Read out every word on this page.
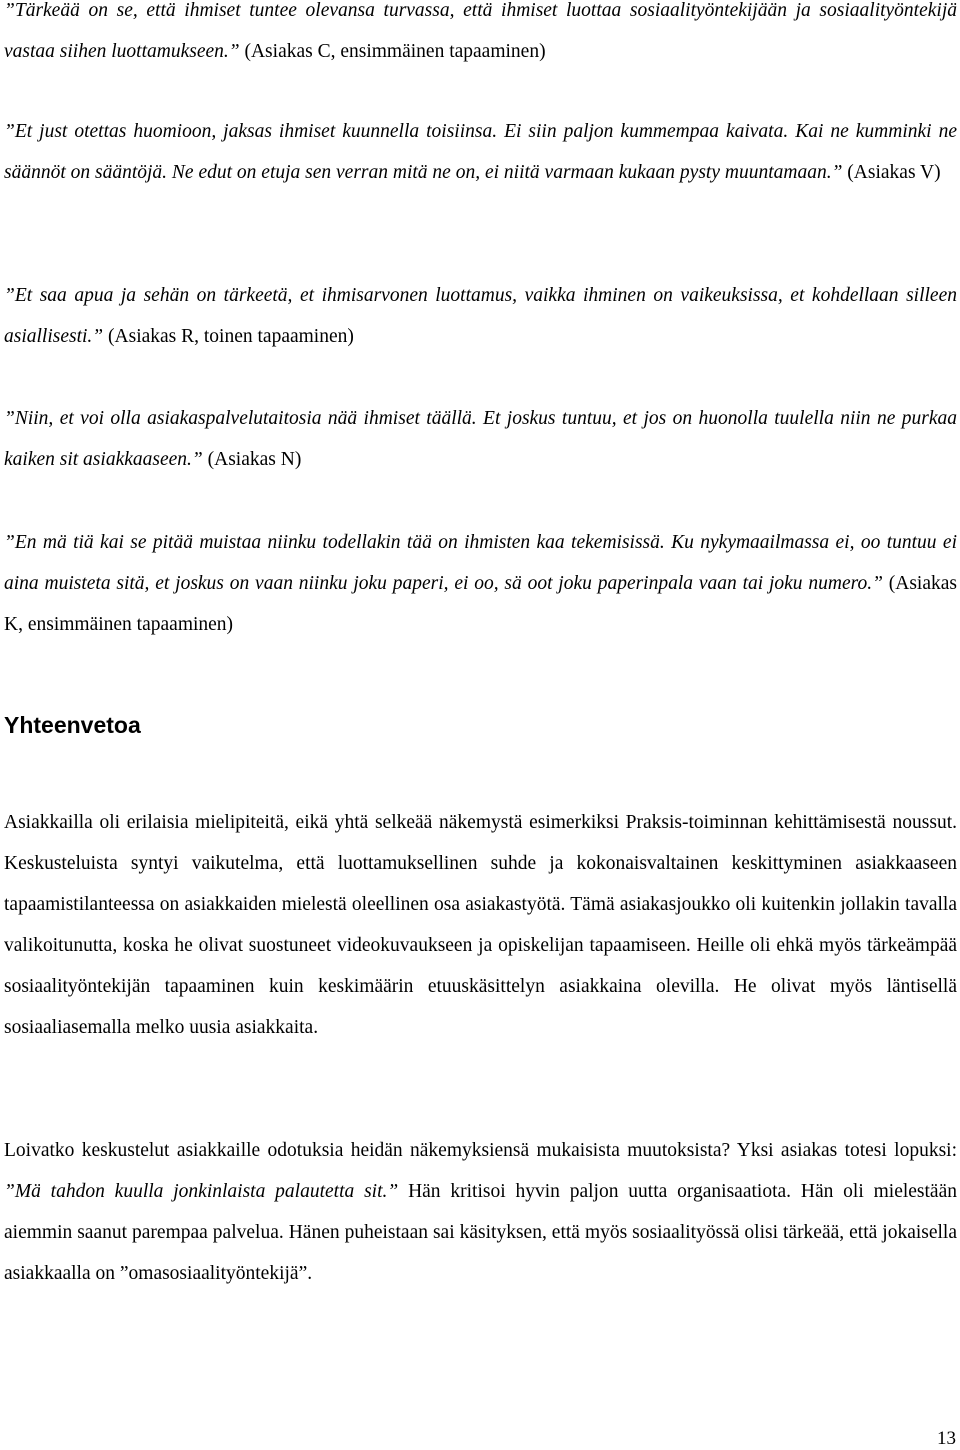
”Tärkeää on se, että ihmiset tuntee olevansa turvassa, että ihmiset luottaa sosiaalityöntekijään ja sosiaalityöntekijä vastaa siihen luottamukseen.” (Asiakas C, ensimmäinen tapaaminen)

”Et just otettas huomioon, jaksas ihmiset kuunnella toisiinsa. Ei siin paljon kummempaa kaivata. Kai ne kumminki ne säännöt on sääntöjä. Ne edut on etuja sen verran mitä ne on, ei niitä varmaan kukaan pysty muuntamaan.” (Asiakas V)

”Et saa apua ja sehän on tärkeetä, et ihmisarvonen luottamus, vaikka ihminen on vaikeuksissa, et kohdellaan silleen asiallisesti.” (Asiakas R, toinen tapaaminen)

”Niin, et voi olla asiakaspalvelutaitosia nää ihmiset täällä. Et joskus tuntuu, et jos on huonolla tuulella niin ne purkaa kaiken sit asiakkaaseen.” (Asiakas N)

”En mä tiä kai se pitää muistaa niinku todellakin tää on ihmisten kaa tekemisissä. Ku nykymaailmassa ei, oo tuntuu ei aina muisteta sitä, et joskus on vaan niinku joku paperi, ei oo, sä oot joku paperinpala vaan tai joku numero.” (Asiakas K, ensimmäinen tapaaminen)

Yhteenvetoa

Asiakkailla oli erilaisia mielipiteitä, eikä yhtä selkeää näkemystä esimerkiksi Praksis-toiminnan kehittämisestä noussut. Keskusteluista syntyi vaikutelma, että luottamuksellinen suhde ja kokonaisvaltainen keskittyminen asiakkaaseen tapaamistilanteessa on asiakkaiden mielestä oleellinen osa asiakastyötä. Tämä asiakasjoukko oli kuitenkin jollakin tavalla valikoitunutta, koska he olivat suostuneet videokuvaukseen ja opiskelijan tapaamiseen. Heille oli ehkä myös tärkeämpää sosiaalityöntekijän tapaaminen kuin keskimäärin etuuskäsittelyn asiakkaina olevilla. He olivat myös läntisellä sosiaaliasemalla melko uusia asiakkaita.

Loivatko keskustelut asiakkaille odotuksia heidän näkemyksiensä mukaisista muutoksista? Yksi asiakas totesi lopuksi: ”Mä tahdon kuulla jonkinlaista palautetta sit.” Hän kritisoi hyvin paljon uutta organisaatiota. Hän oli mielestään aiemmin saanut parempaa palvelua. Hänen puheistaan sai käsityksen, että myös sosiaalityössä olisi tärkeää, että jokaisella asiakkaalla on ”omasosiaalityöntekijä”.

13
